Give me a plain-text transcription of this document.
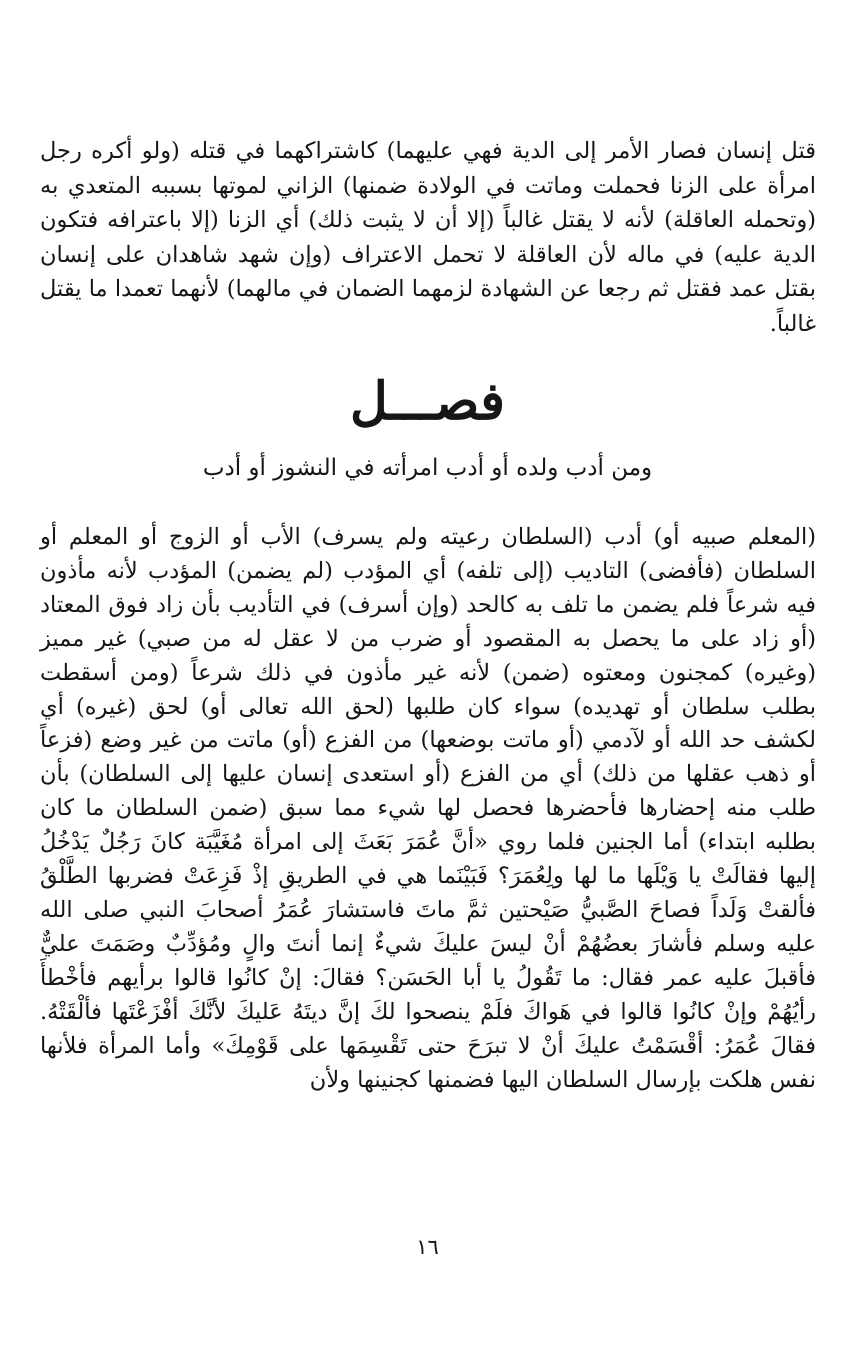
قتل إنسان فصار الأمر إلى الدية فهي عليهما) كاشتراكهما في قتله (ولو أكره رجل امرأة على الزنا فحملت وماتت في الولادة ضمنها) الزاني لموتها بسببه المتعدي به (وتحمله العاقلة) لأنه لا يقتل غالباً (إلا أن لا يثبت ذلك) أي الزنا (إلا باعترافه فتكون الدية عليه) في ماله لأن العاقلة لا تحمل الاعتراف (وإن شهد شاهدان على إنسان بقتل عمد فقتل ثم رجعا عن الشهادة لزمهما الضمان في مالهما) لأنهما تعمدا ما يقتل غالباً.

فصـــل
ومن أدب ولده أو أدب امرأته في النشوز أو أدب

(المعلم صبيه أو) أدب (السلطان رعيته ولم يسرف) الأب أو الزوج أو المعلم أو السلطان (فأفضى) التاديب (إلى تلفه) أي المؤدب (لم يضمن) المؤدب لأنه مأذون فيه شرعاً فلم يضمن ما تلف به كالحد (وإن أسرف) في التأديب بأن زاد فوق المعتاد (أو زاد على ما يحصل به المقصود أو ضرب من لا عقل له من صبي) غير مميز (وغيره) كمجنون ومعتوه (ضمن) لأنه غير مأذون في ذلك شرعاً (ومن أسقطت بطلب سلطان أو تهديده) سواء كان طلبها (لحق الله تعالى أو) لحق (غيره) أي لكشف حد الله أو لآدمي (أو ماتت بوضعها) من الفزع (أو) ماتت من غير وضع (فزعاً أو ذهب عقلها من ذلك) أي من الفزع (أو استعدى إنسان عليها إلى السلطان) بأن طلب منه إحضارها فأحضرها فحصل لها شيء مما سبق (ضمن السلطان ما كان بطلبه ابتداء) أما الجنين فلما روي «أنَّ عُمَرَ بَعَثَ إلى امرأة مُغَيَّبَة كانَ رَجُلٌ يَدْخُلُ إليها فقالَتْ يا وَيْلَها ما لها ولِعُمَرَ؟ فَبَيْنَما هي في الطريقِ إذْ فَزِعَتْ فضربها الطَّلْقُ فألقتْ وَلَداً فصاحَ الصَّبيُّ صَيْحتين ثمَّ ماتَ فاستشارَ عُمَرُ أصحابَ النبي صلى الله عليه وسلم فأشارَ بعضُهُمْ أنْ ليسَ عليكَ شيءٌ إنما أنتَ والٍ ومُؤدِّبٌ وصَمَتَ عليٌّ فأقبلَ عليه عمر فقال: ما تَقُولُ يا أبا الحَسَن؟ فقالَ: إنْ كانُوا قالوا برأيهم فأخْطأَ رأيُهُمْ وإنْ كانُوا قالوا في هَواكَ فلَمْ ينصحوا لكَ إنَّ ديتَهُ عَليكَ لأنَّكَ أفْزَعْتَها فألْقَتْهُ. فقالَ عُمَرُ: أقْسَمْتُ عليكَ أنْ لا تبرَحَ حتى تَقْسِمَها على قَوْمِكَ» وأما المرأة فلأنها نفس هلكت بإرسال السلطان اليها فضمنها كجنينها ولأن

١٦
